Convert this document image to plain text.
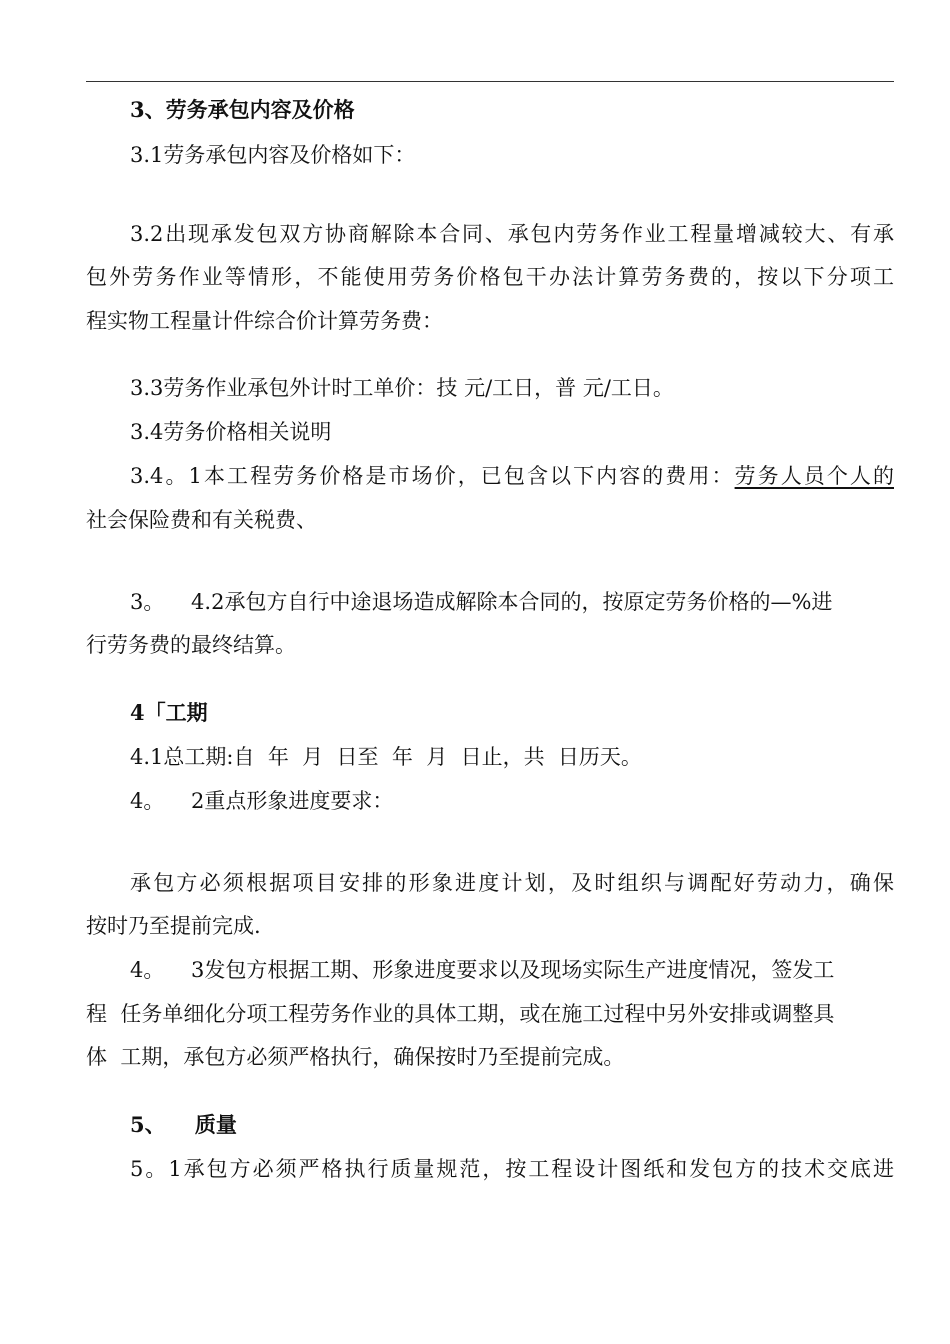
3、劳务承包内容及价格
3.1劳务承包内容及价格如下：
3.2出现承发包双方协商解除本合同、承包内劳务作业工程量增减较大、有承
包外劳务作业等情形，不能使用劳务价格包干办法计算劳务费的，按以下分项工
程实物工程量计件综合价计算劳务费：
3.3劳务作业承包外计时工单价：技 元/工日，普 元/工日。
3.4劳务价格相关说明
3.4。1本工程劳务价格是市场价，已包含以下内容的费用：劳务人员个人的
社会保险费和有关税费、
3。    4.2承包方自行中途退场造成解除本合同的，按原定劳务价格的—%进
行劳务费的最终结算。
4「工期
4.1总工期:自  年  月  日至  年  月  日止，共  日历天。
4。    2重点形象进度要求：
承包方必须根据项目安排的形象进度计划，及时组织与调配好劳动力，确保
按时乃至提前完成.
4。    3发包方根据工期、形象进度要求以及现场实际生产进度情况，签发工
程  任务单细化分项工程劳务作业的具体工期，或在施工过程中另外安排或调整具
体  工期，承包方必须严格执行，确保按时乃至提前完成。
5、    质量
5。1承包方必须严格执行质量规范，按工程设计图纸和发包方的技术交底进
